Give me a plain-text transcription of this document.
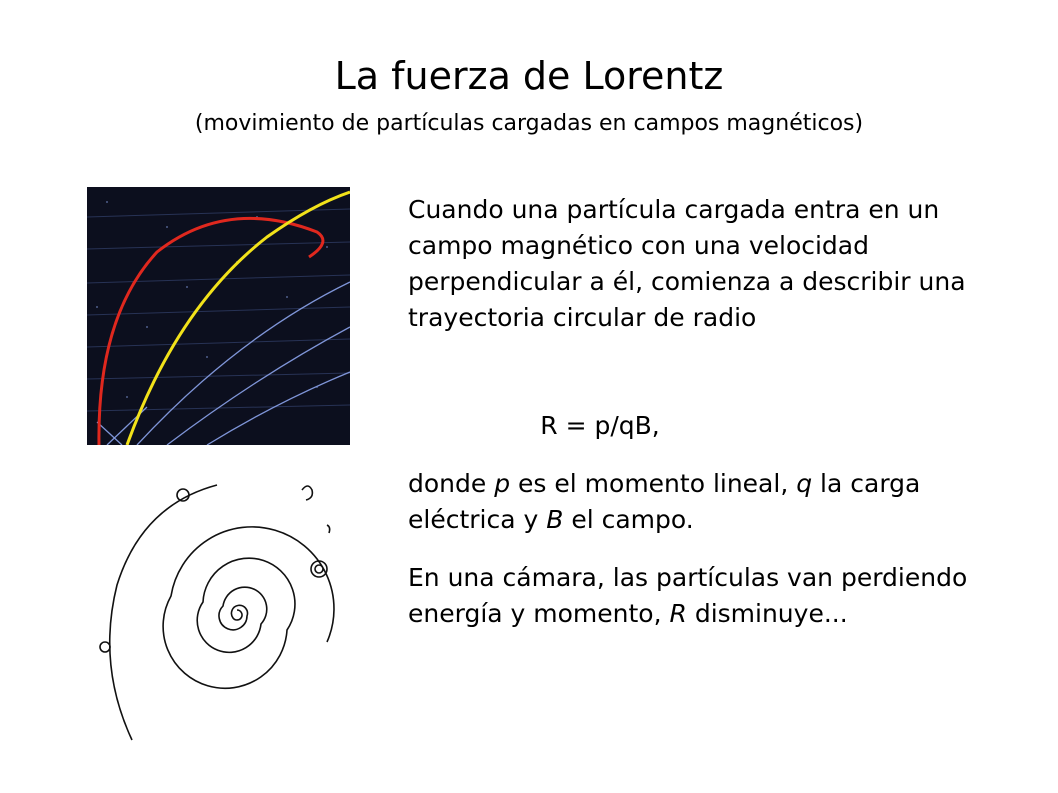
La fuerza de Lorentz
(movimiento de partículas cargadas en campos magnéticos)

Cuando una partícula cargada entra en un campo magnético con una velocidad perpendicular a él, comienza a describir una trayectoria circular de radio

R = p/qB,

donde p es el momento lineal, q la carga eléctrica y B el campo.

En una cámara, las partículas van perdiendo energía y momento, R disminuye...
